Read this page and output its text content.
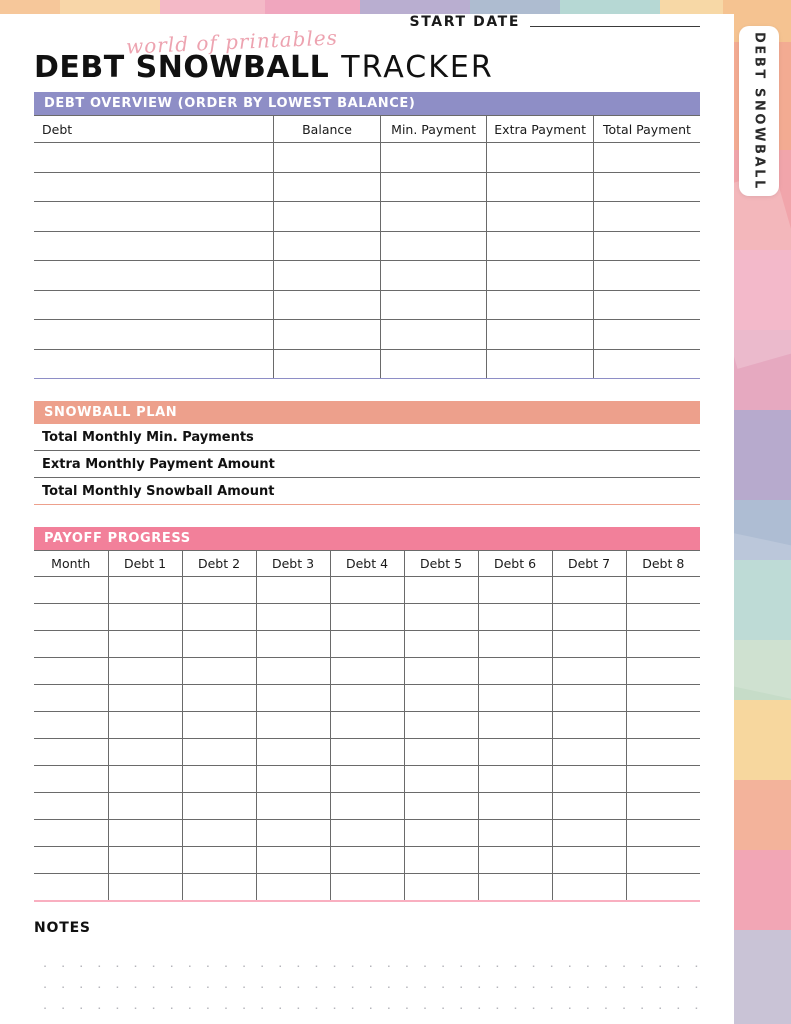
DEBT SNOWBALL
world of printables
DEBT SNOWBALL TRACKER
START DATE
DEBT OVERVIEW (ORDER BY LOWEST BALANCE)
Debt	Balance	Min. Payment	Extra Payment	Total Payment

SNOWBALL PLAN
Total Monthly Min. Payments
Extra Monthly Payment Amount
Total Monthly Snowball Amount
PAYOFF PROGRESS
Month	Debt 1	Debt 2	Debt 3	Debt 4	Debt 5	Debt 6	Debt 7	Debt 8

NOTES
